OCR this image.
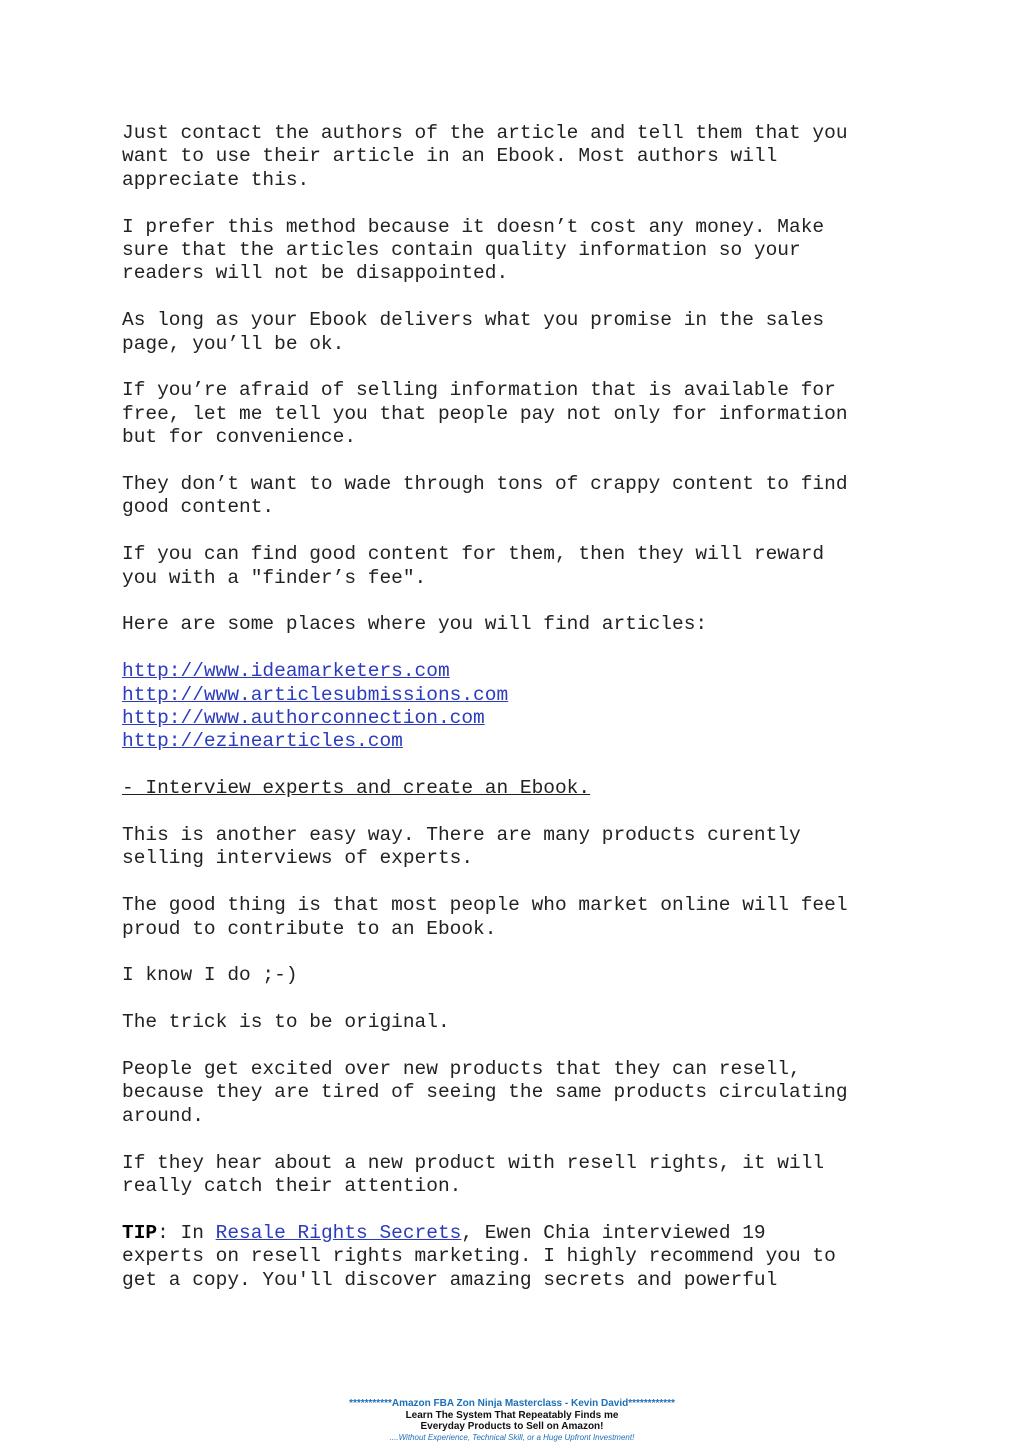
Just contact the authors of the article and tell them that you
want to use their article in an Ebook. Most authors will
appreciate this.

I prefer this method because it doesn’t cost any money. Make
sure that the articles contain quality information so your
readers will not be disappointed.

As long as your Ebook delivers what you promise in the sales
page, you’ll be ok.

If you’re afraid of selling information that is available for
free, let me tell you that people pay not only for information
but for convenience.

They don’t want to wade through tons of crappy content to find
good content.

If you can find good content for them, then they will reward
you with a "finder’s fee".

Here are some places where you will find articles:

http://www.ideamarketers.com
http://www.articlesubmissions.com
http://www.authorconnection.com
http://ezinearticles.com

- Interview experts and create an Ebook.

This is another easy way. There are many products curently
selling interviews of experts.

The good thing is that most people who market online will feel
proud to contribute to an Ebook.

I know I do ;-)

The trick is to be original.

People get excited over new products that they can resell,
because they are tired of seeing the same products circulating
around.

If they hear about a new product with resell rights, it will
really catch their attention.

TIP: In Resale Rights Secrets, Ewen Chia interviewed 19
experts on resell rights marketing. I highly recommend you to
get a copy. You'll discover amazing secrets and powerful

***********Amazon FBA Zon Ninja Masterclass - Kevin David************
Learn The System That Repeatably Finds me
Everyday Products to Sell on Amazon!
....Without Experience, Technical Skill, or a Huge Upfront Investment!
